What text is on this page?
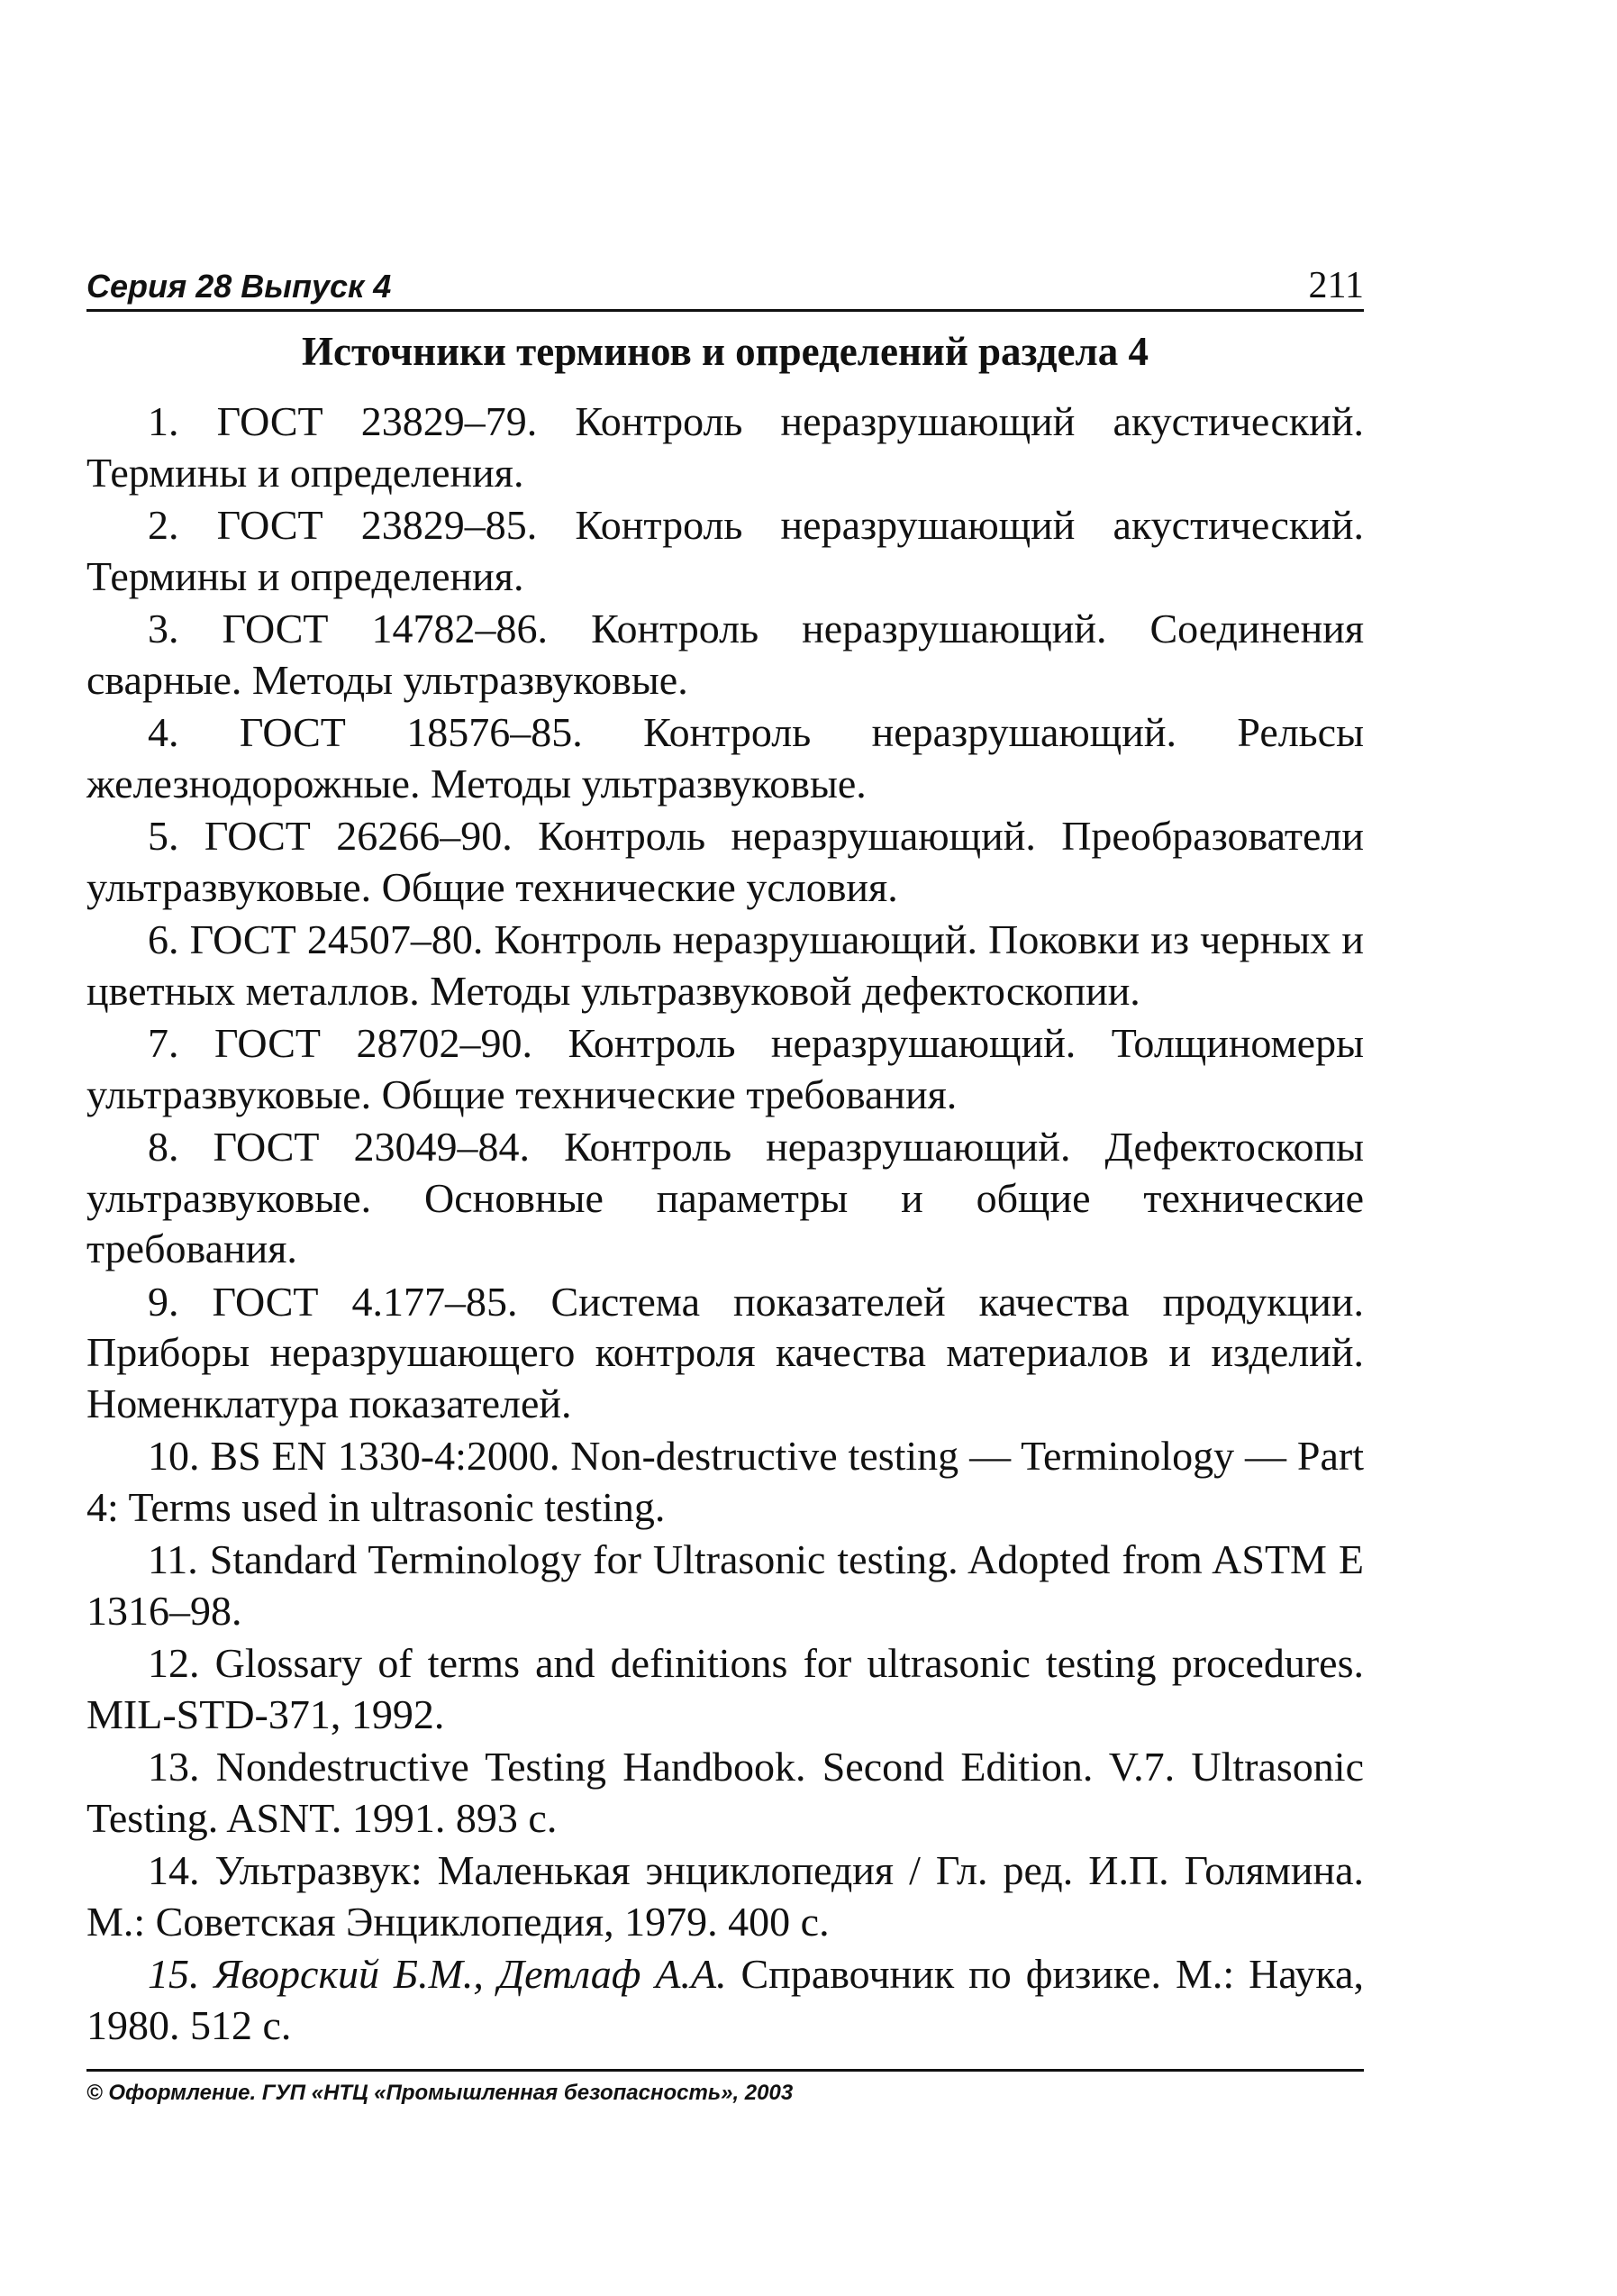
Серия 28 Выпуск 4	211
Источники терминов и определений раздела 4
1. ГОСТ 23829–79. Контроль неразрушающий акустический. Термины и определения.
2. ГОСТ 23829–85. Контроль неразрушающий акустический. Термины и определения.
3. ГОСТ 14782–86. Контроль неразрушающий. Соединения сварные. Методы ультразвуковые.
4. ГОСТ 18576–85. Контроль неразрушающий. Рельсы железнодорожные. Методы ультразвуковые.
5. ГОСТ 26266–90. Контроль неразрушающий. Преобразователи ультразвуковые. Общие технические условия.
6. ГОСТ 24507–80. Контроль неразрушающий. Поковки из черных и цветных металлов. Методы ультразвуковой дефектоскопии.
7. ГОСТ 28702–90. Контроль неразрушающий. Толщиномеры ультразвуковые. Общие технические требования.
8. ГОСТ 23049–84. Контроль неразрушающий. Дефектоскопы ультразвуковые. Основные параметры и общие технические требования.
9. ГОСТ 4.177–85. Система показателей качества продукции. Приборы неразрушающего контроля качества материалов и изделий. Номенклатура показателей.
10. BS EN 1330-4:2000. Non-destructive testing — Terminology — Part 4: Terms used in ultrasonic testing.
11. Standard Terminology for Ultrasonic testing. Adopted from ASTM E 1316–98.
12. Glossary of terms and definitions for ultrasonic testing procedures. MIL-STD-371, 1992.
13. Nondestructive Testing Handbook. Second Edition. V.7. Ultrasonic Testing. ASNT. 1991. 893 с.
14. Ультразвук: Маленькая энциклопедия / Гл. ред. И.П. Голямина. М.: Советская Энциклопедия, 1979. 400 с.
15. Яворский Б.М., Детлаф А.А. Справочник по физике. М.: Наука, 1980. 512 с.

© Оформление. ГУП «НТЦ «Промышленная безопасность», 2003
